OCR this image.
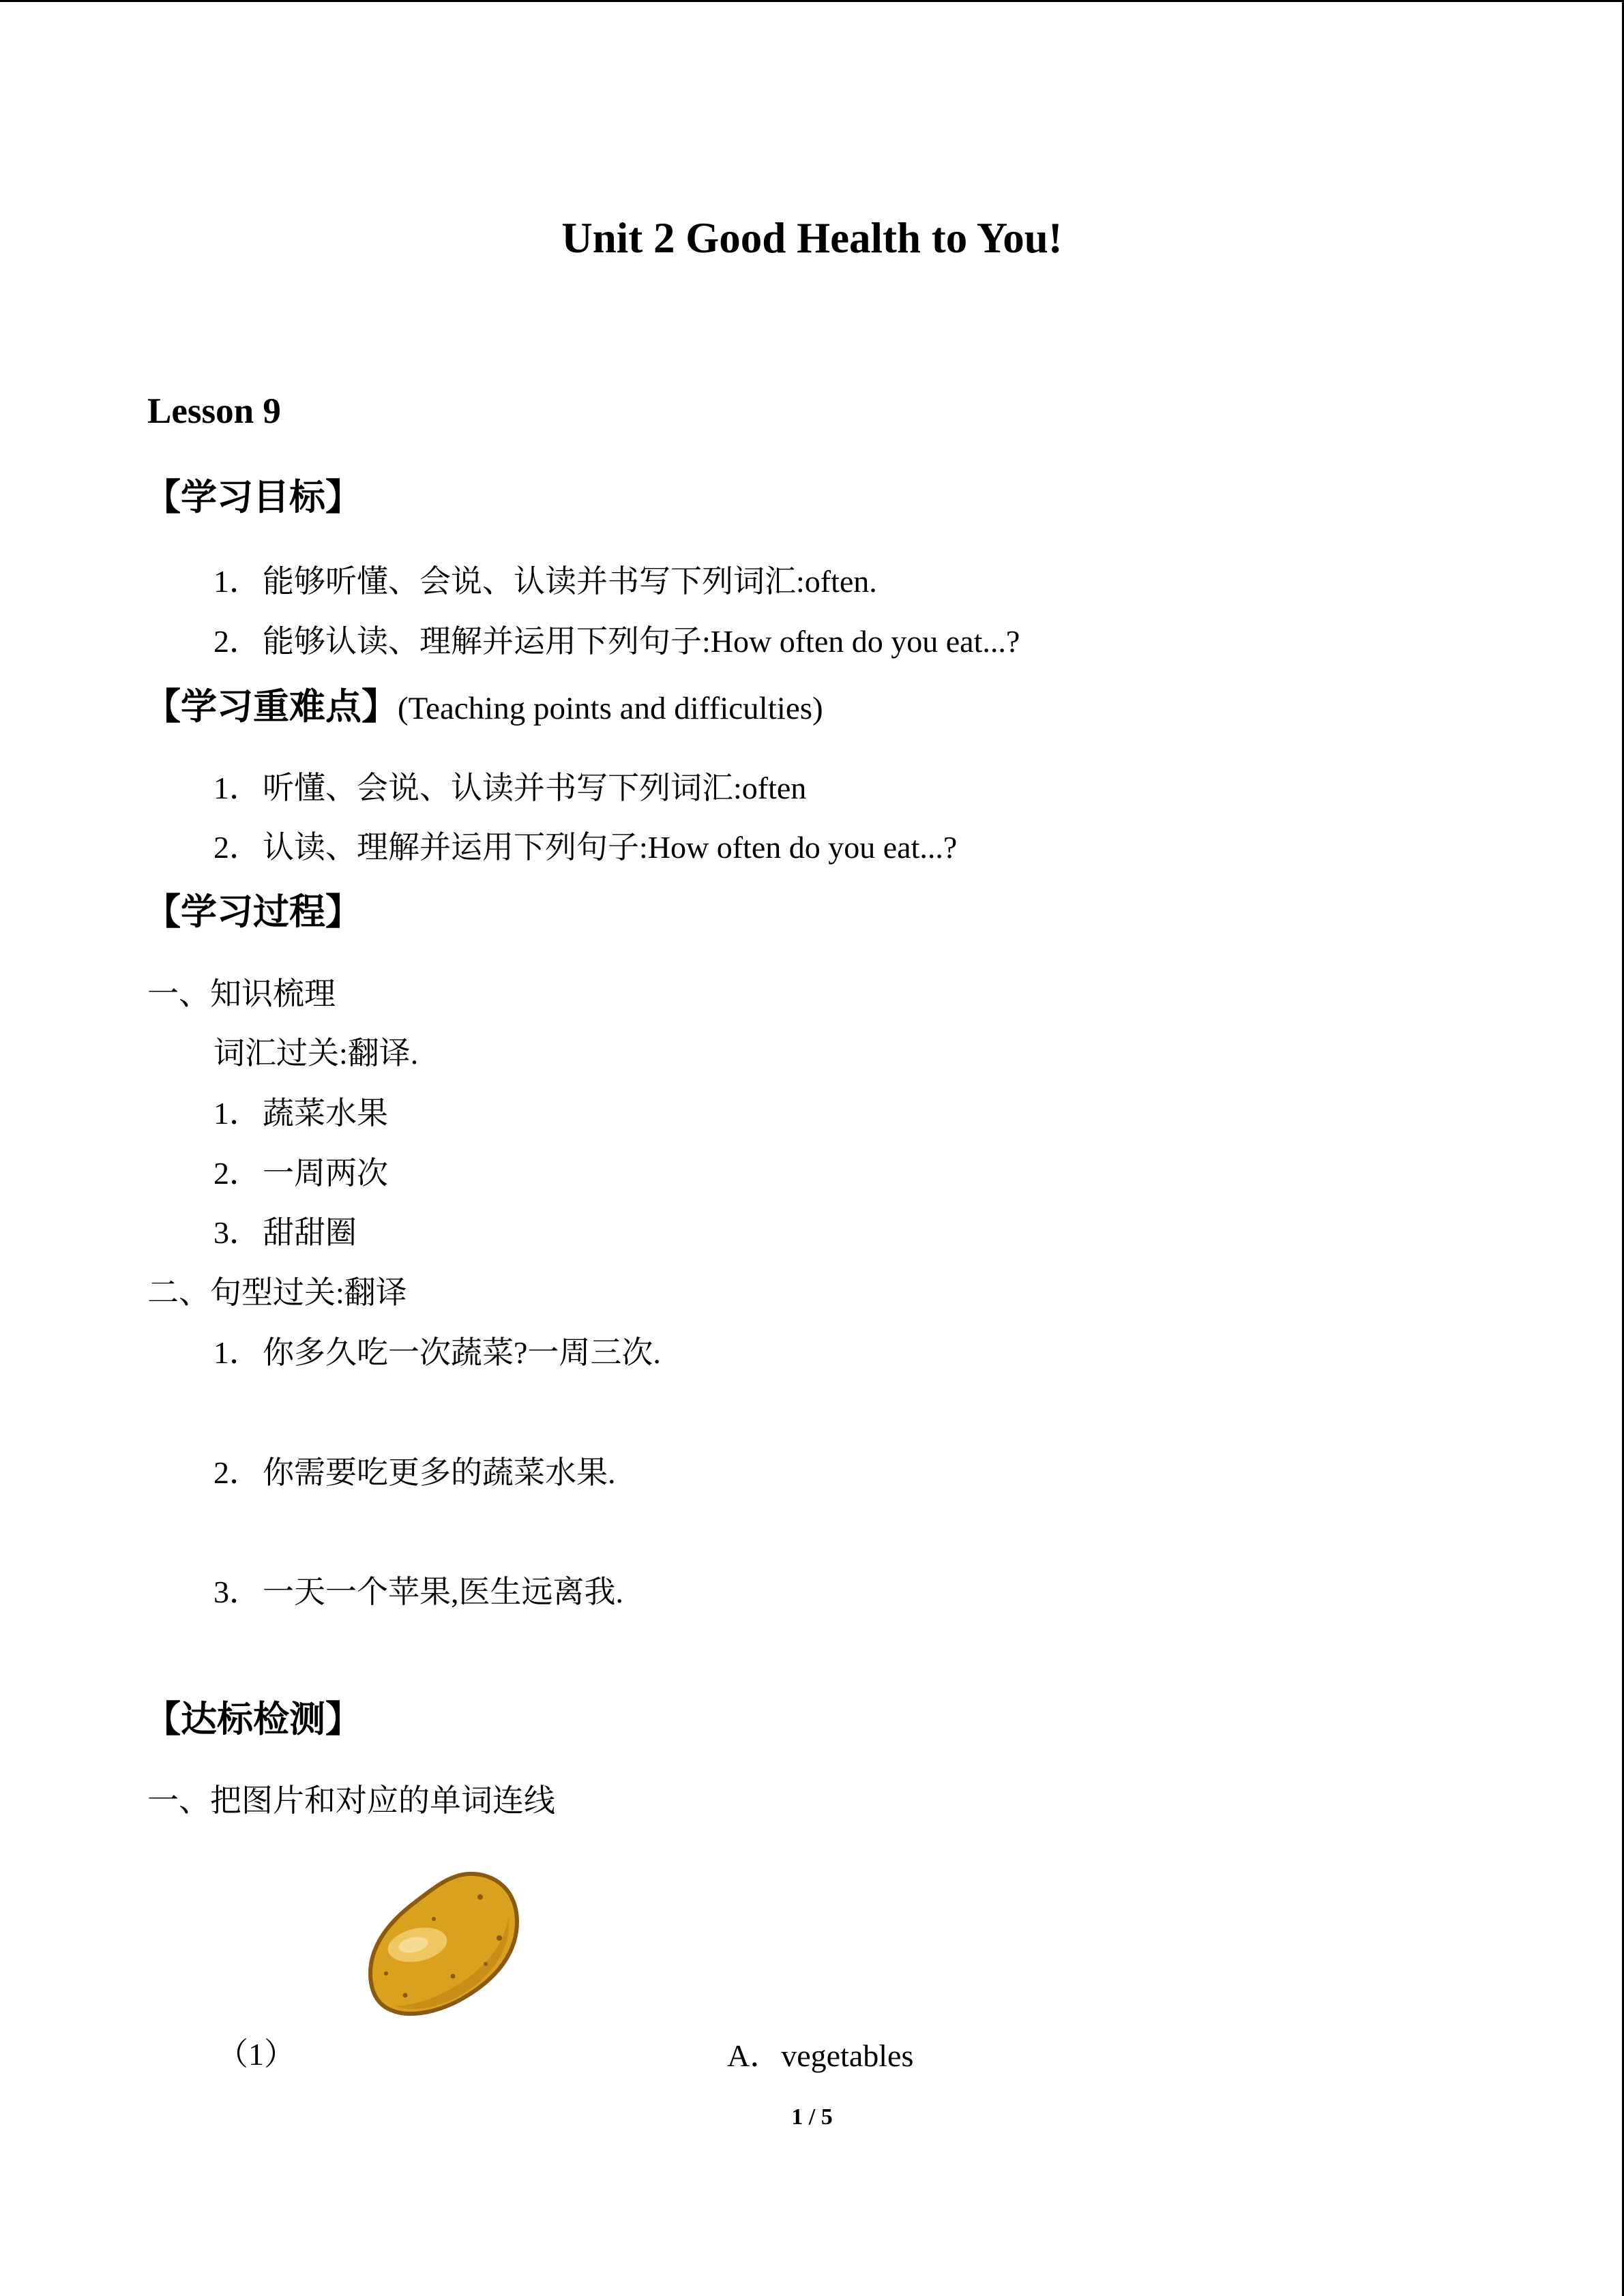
Unit 2 Good Health to You!
Lesson 9
【学习目标】
1．能够听懂、会说、认读并书写下列词汇:often.
2．能够认读、理解并运用下列句子:How often do you eat...?
【学习重难点】(Teaching points and difficulties)
1．听懂、会说、认读并书写下列词汇:often
2．认读、理解并运用下列句子:How often do you eat...?
【学习过程】
一、知识梳理
词汇过关:翻译.
1．蔬菜水果
2．一周两次
3．甜甜圈
二、句型过关:翻译
1．你多久吃一次蔬菜?一周三次.
2．你需要吃更多的蔬菜水果.
3．一天一个苹果,医生远离我.
【达标检测】
一、把图片和对应的单词连线
（1）	A．vegetables
1 / 5
